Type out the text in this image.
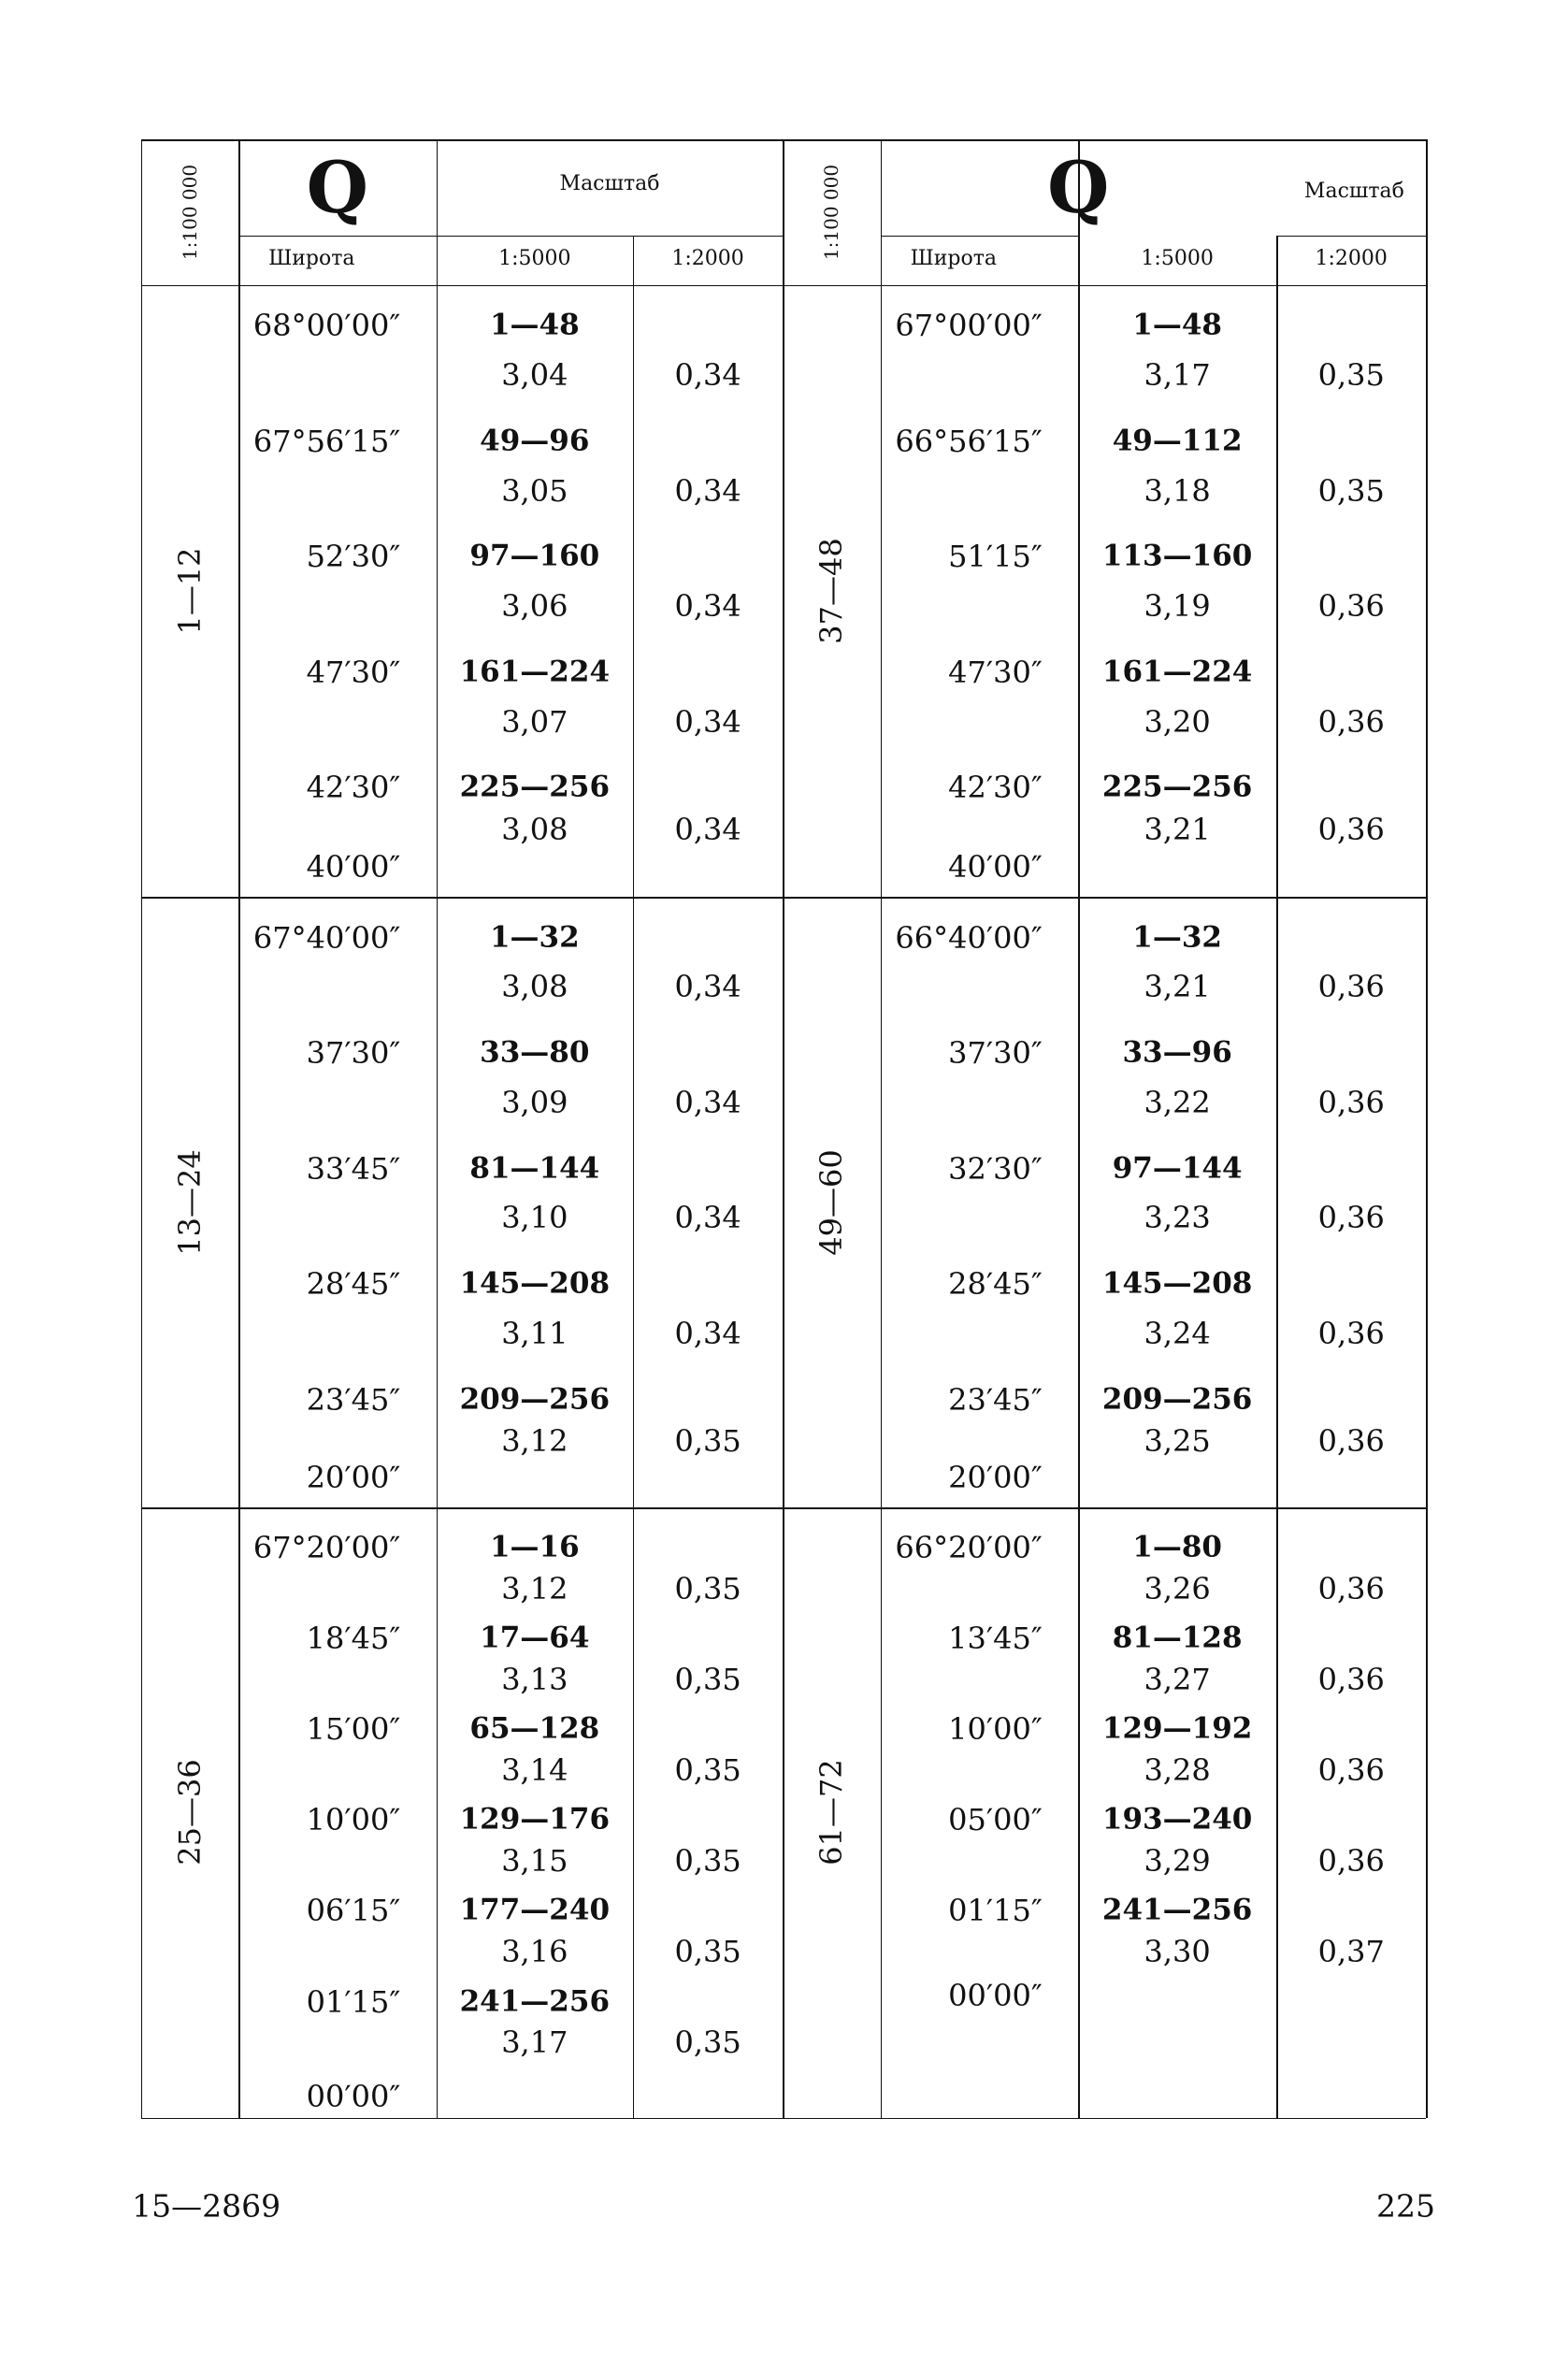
1:100 000 Q	Масштаб
Широта	1:5000	1:2000
1—12
68°00′00″	1—48
3,04	0,34
67°56′15″	49—96
3,05	0,34
52′30″ 97—160
3,06	0,34
47′30″ 161—224
3,07	0,34
42′30″ 225—256
3,08	0,34
40′00″
13—24
67°40′00″	1—32
3,08	0,34
37′30″	33—80
3,09	0,34
33′45″ 81—144
3,10	0,34
28′45″ 145—208
3,11	0,34
23′45″ 209—256
3,12	0,35
20′00″
25—36
67°20′00″	1—16
3,12	0,35
18′45″	17—64
3,13	0,35
15′00″ 65—128
3,14	0,35
10′00″ 129—176
3,15	0,35
06′15″ 177—240
3,16	0,35
01′15″ 241—256
3,17	0,35
00′00″
1:100 000	Q	Масштаб
Широта	1:5000	1:2000
37—48
67°00′00″	1—48
3,17	0,35
66°56′15″ 49—112
3,18	0,35
51′15″ 113—160
3,19	0,36
47′30″ 161—224
3,20	0,36
42′30″ 225—256
3,21	0,36
40′00″
49—60
66°40′00″	1—32
3,21	0,36
37′30″	33—96
3,22	0,36
32′30″ 97—144
3,23	0,36
28′45″ 145—208
3,24	0,36
23′45″ 209—256
3,25	0,36
20′00″
61—72
66°20′00″	1—80
3,26	0,36
13′45″ 81—128
3,27	0,36
10′00″ 129—192
3,28	0,36
05′00″ 193—240
3,29	0,36
01′15″ 241—256
3,30	0,37
00′00″
15—2869	225
